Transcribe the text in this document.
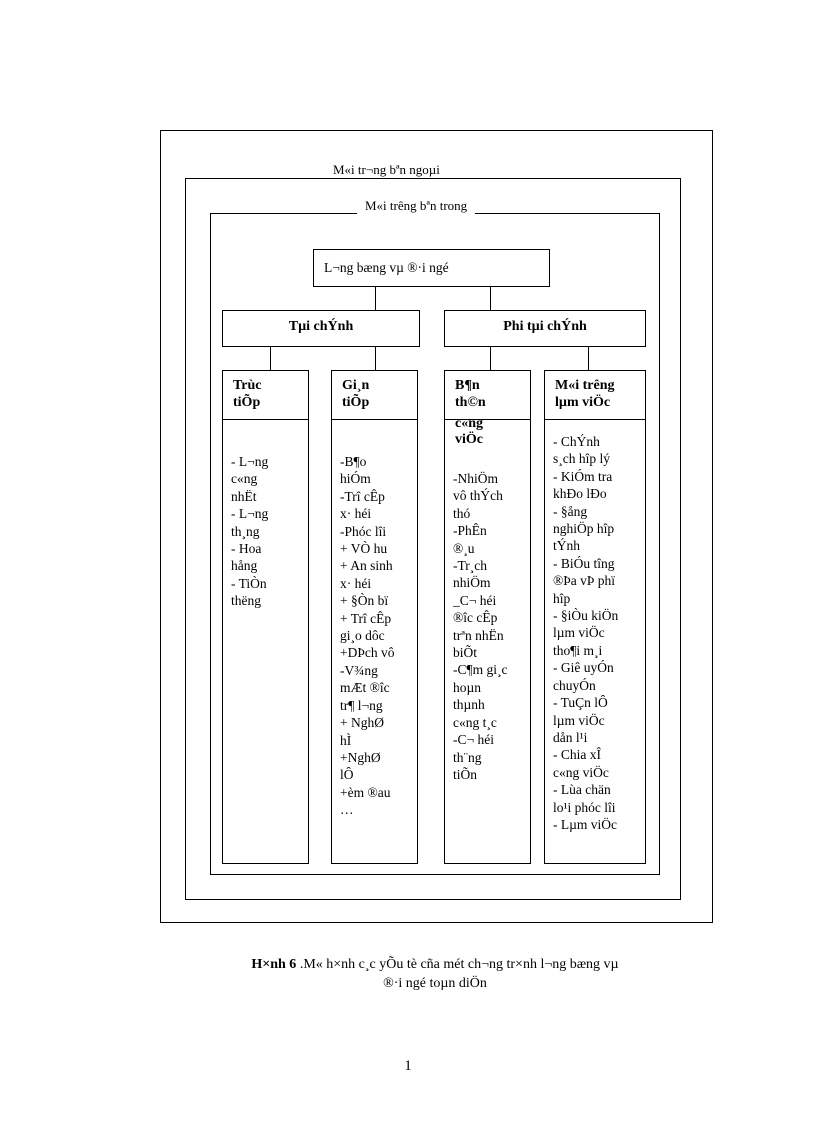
M«i tr¬ng bªn ngoµi
M«i trêng bªn trong
L¬ng bæng vµ ®·i ngé
Tµi chÝnh	Phi tµi chÝnh
Trùc
tiÕp
- L¬ng
c«ng
nhËt
- L¬ng
th¸ng
- Hoa
hång
- TiÒn
thëng
Gi¸n
tiÕp
-B¶o
hiÓm
-Trî cÊp
x· héi
-Phóc lîi
+ VÒ hu
+ An sinh
x· héi
+ §Òn bï
+ Trî cÊp
gi¸o dôc
+DÞch vô
-V¾ng
mÆt ®îc
tr¶ l¬ng
+ NghØ
hÌ
+NghØ
lÔ
+èm ®au
…
B¶n
th©n
c«ng
viÖc
-NhiÖm
vô thÝch
thó
-PhÊn
®¸u
-Tr¸ch
nhiÖm
_C¬ héi
®îc cÊp
trªn nhËn
biÕt
-C¶m gi¸c
hoµn
thµnh
c«ng t¸c
-C¬ héi
th¨ng
tiÕn
M«i trêng
lµm viÖc
- ChÝnh
s¸ch hîp lý
- KiÓm tra
khÐo lÐo
- §ång
nghiÖp hîp
tÝnh
- BiÓu tîng
®Þa vÞ phï
hîp
- §iÒu kiÖn
lµm viÖc
tho¶i m¸i
- Giê uyÓn
chuyÓn
- TuÇn lÔ
lµm viÖc
dån l¹i
- Chia xÎ
c«ng viÖc
- Lùa chän
lo¹i phóc lîi
- Lµm viÖc
H×nh 6 .M« h×nh c¸c yÕu tè cña mét ch¬ng tr×nh l¬ng bæng vµ
®·i ngé toµn diÖn
1
